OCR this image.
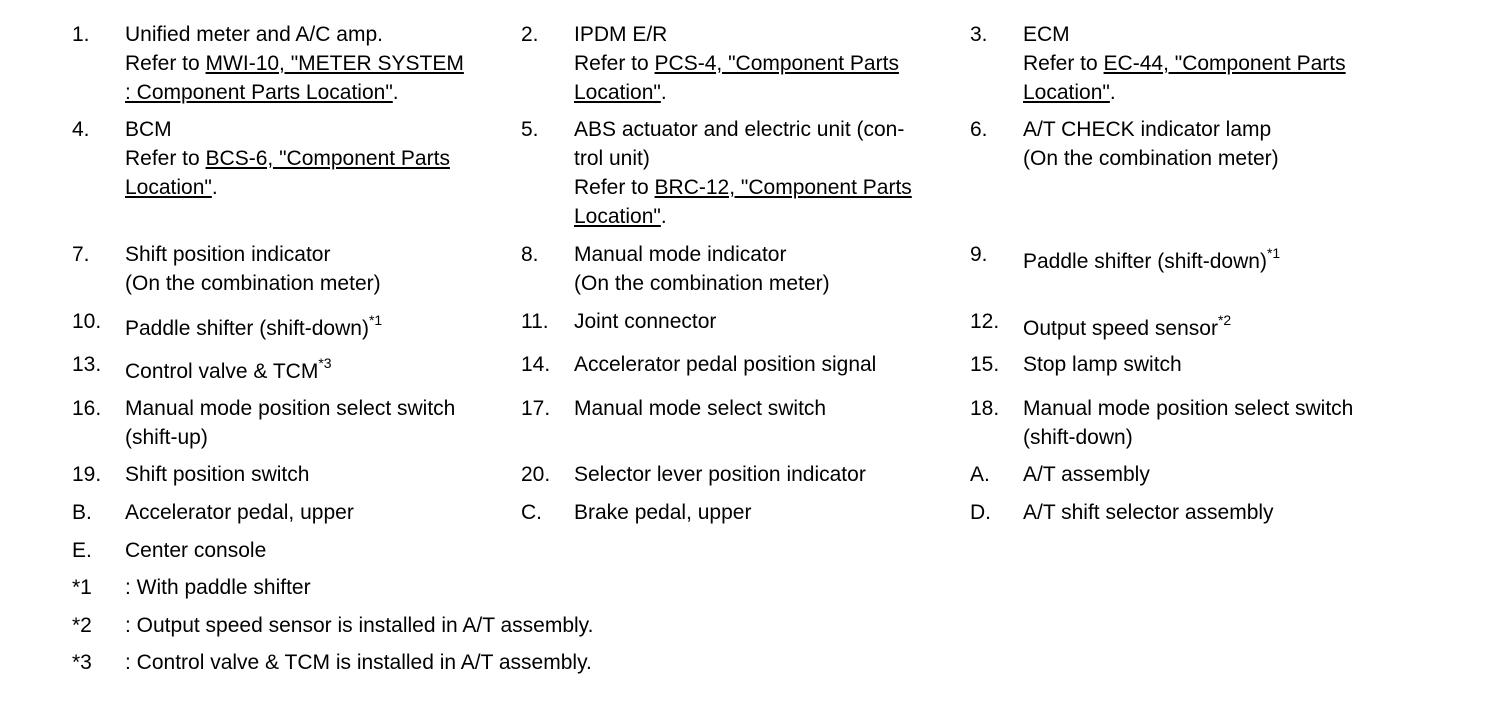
1. Unified meter and A/C amp.
Refer to MWI-10, "METER SYSTEM
: Component Parts Location".
2. IPDM E/R
Refer to PCS-4, "Component Parts
Location".
3. ECM
Refer to EC-44, "Component Parts
Location".
4. BCM
Refer to BCS-6, "Component Parts
Location".
5. ABS actuator and electric unit (con-
trol unit)
Refer to BRC-12, "Component Parts
Location".
6. A/T CHECK indicator lamp
(On the combination meter)
7. Shift position indicator
(On the combination meter)
8. Manual mode indicator
(On the combination meter)
9. Paddle shifter (shift-down)$^{*1}$
10. Paddle shifter (shift-down)$^{*1}$	11. Joint connector	12. Output speed sensor$^{*2}$
13. Control valve & TCM$^{*3}$	14. Accelerator pedal position signal	15. Stop lamp switch
16. Manual mode position select switch
(shift-up)
17. Manual mode select switch	18. Manual mode position select switch
(shift-down)
19. Shift position switch	20. Selector lever position indicator	A. A/T assembly
B. Accelerator pedal, upper	C. Brake pedal, upper	D. A/T shift selector assembly
E. Center console
*1 : With paddle shifter
*2 : Output speed sensor is installed in A/T assembly.
*3 : Control valve & TCM is installed in A/T assembly.
